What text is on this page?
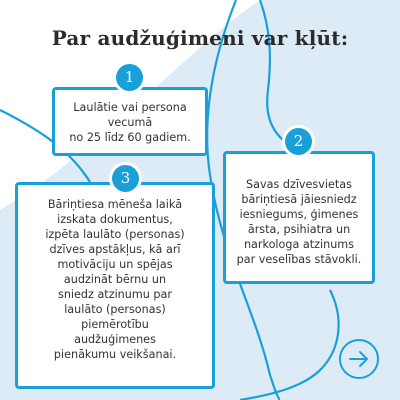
Par audžuģimeni var kļūt:
Laulātie vai persona
vecumā
no 25 līdz 60 gadiem.
1
Savas dzīvesvietas
bāriņtiesā jāiesniedz
iesniegums, ģimenes
ārsta, psihiatra un
narkologa atzinums
par veselības stāvokli.
2
Bāriņtiesa mēneša laikā
izskata dokumentus,
izpēta laulāto (personas)
dzīves apstākļus, kā arī
motivāciju un spējas
audzināt bērnu un
sniedz atzinumu par
laulāto (personas)
piemērotību
audžuģimenes
pienākumu veikšanai.
3
